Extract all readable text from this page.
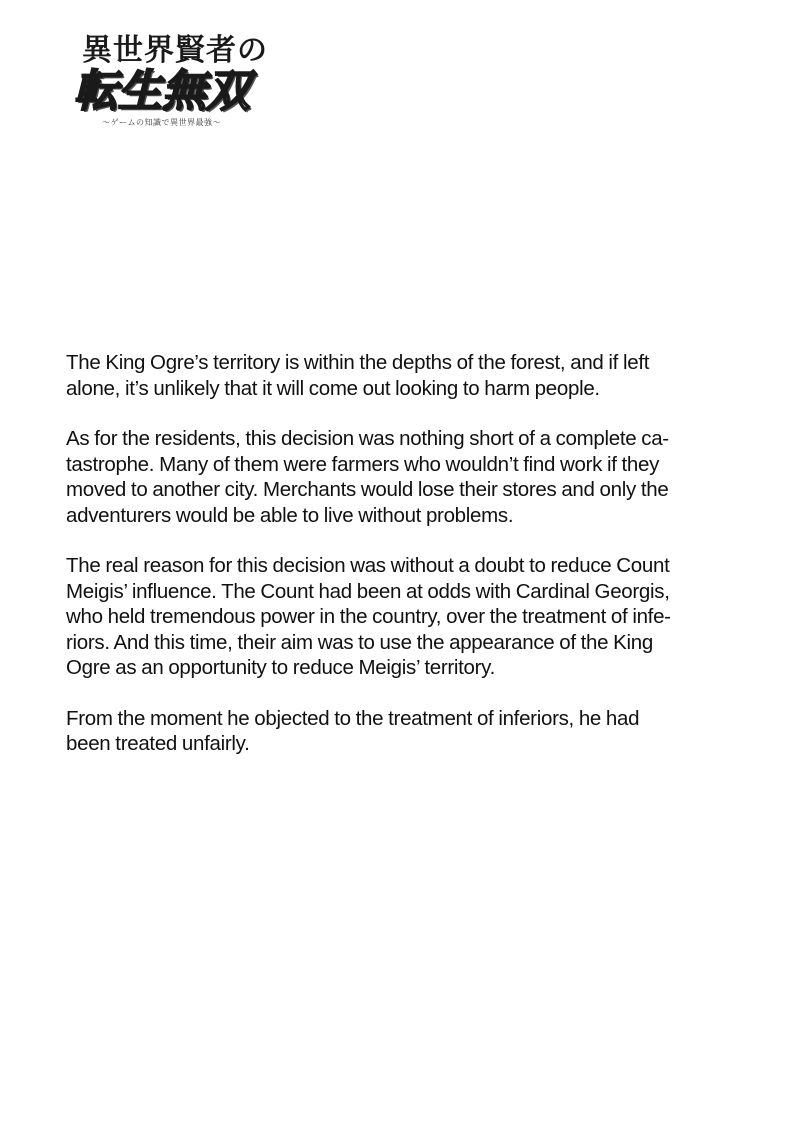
異世界賢者の
転生無双
〜ゲームの知識で異世界最強〜

The King Ogre’s territory is within the depths of the forest, and if left
alone, it’s unlikely that it will come out looking to harm people.

As for the residents, this decision was nothing short of a complete ca-
tastrophe. Many of them were farmers who wouldn’t find work if they
moved to another city. Merchants would lose their stores and only the
adventurers would be able to live without problems.

The real reason for this decision was without a doubt to reduce Count
Meigis’ influence. The Count had been at odds with Cardinal Georgis,
who held tremendous power in the country, over the treatment of infe-
riors. And this time, their aim was to use the appearance of the King
Ogre as an opportunity to reduce Meigis’ territory.

From the moment he objected to the treatment of inferiors, he had
been treated unfairly.
